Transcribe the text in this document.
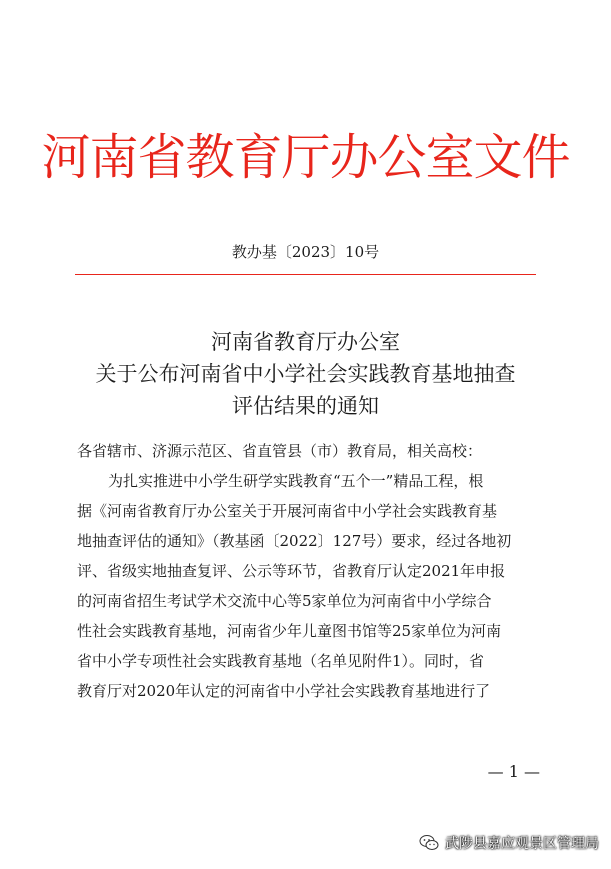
河南省教育厅办公室文件
教办基〔2023〕10号
河南省教育厅办公室
关于公布河南省中小学社会实践教育基地抽查
评估结果的通知
各省辖市、济源示范区、省直管县（市）教育局，相关高校：
为扎实推进中小学生研学实践教育“五个一”精品工程，根
据《河南省教育厅办公室关于开展河南省中小学社会实践教育基
地抽查评估的通知》（教基函〔2022〕127号）要求，经过各地初
评、省级实地抽查复评、公示等环节，省教育厅认定2021年申报
的河南省招生考试学术交流中心等5家单位为河南省中小学综合
性社会实践教育基地，河南省少年儿童图书馆等25家单位为河南
省中小学专项性社会实践教育基地（名单见附件1）。同时，省
教育厅对2020年认定的河南省中小学社会实践教育基地进行了
— 1 —
武陟县嘉应观景区管理局
